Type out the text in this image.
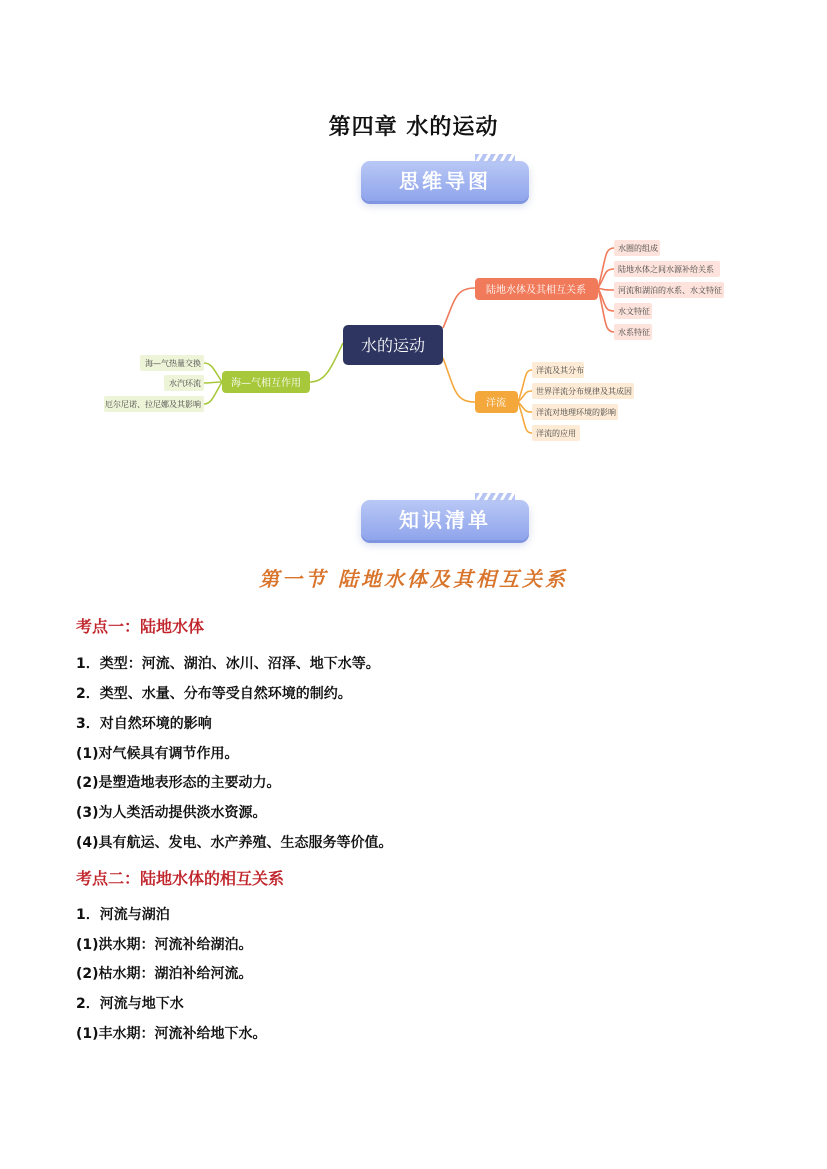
第四章 水的运动
思维导图
水的运动
陆地水体及其相互关系
水圈的组成
陆地水体之间水源补给关系
河流和湖泊的水系、水文特征
水文特征
水系特征
洋流
洋流及其分布
世界洋流分布规律及其成因
洋流对地理环境的影响
洋流的应用
海—气相互作用
海—气热量交换
水汽环流
厄尔尼诺、拉尼娜及其影响
知识清单
第一节 陆地水体及其相互关系
考点一：陆地水体
1．类型：河流、湖泊、冰川、沼泽、地下水等。
2．类型、水量、分布等受自然环境的制约。
3．对自然环境的影响
(1)对气候具有调节作用。
(2)是塑造地表形态的主要动力。
(3)为人类活动提供淡水资源。
(4)具有航运、发电、水产养殖、生态服务等价值。
考点二：陆地水体的相互关系
1．河流与湖泊
(1)洪水期：河流补给湖泊。
(2)枯水期：湖泊补给河流。
2．河流与地下水
(1)丰水期：河流补给地下水。
